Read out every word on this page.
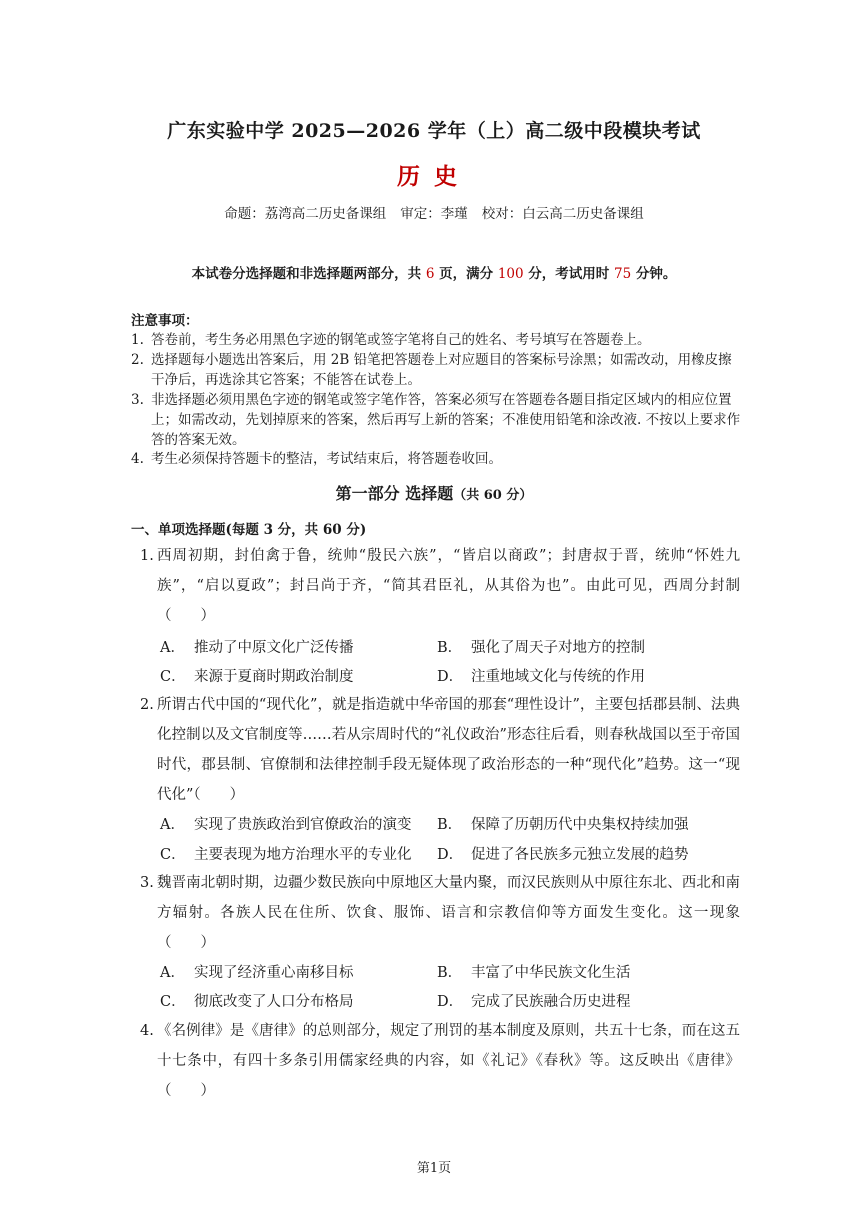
广东实验中学 2025—2026 学年（上）高二级中段模块考试
历史
命题：荔湾高二历史备课组 审定：李瑾 校对：白云高二历史备课组
本试卷分选择题和非选择题两部分，共 6 页，满分 100 分，考试用时 75 分钟。
注意事项：
1. 答卷前，考生务必用黑色字迹的钢笔或签字笔将自己的姓名、考号填写在答题卷上。
2. 选择题每小题选出答案后，用 2B 铅笔把答题卷上对应题目的答案标号涂黑；如需改动，用橡皮擦干净后，再选涂其它答案；不能答在试卷上。
3. 非选择题必须用黑色字迹的钢笔或签字笔作答，答案必须写在答题卷各题目指定区域内的相应位置上；如需改动，先划掉原来的答案，然后再写上新的答案；不准使用铅笔和涂改液. 不按以上要求作答的答案无效。
4. 考生必须保持答题卡的整洁，考试结束后，将答题卷收回。
第一部分 选择题（共 60 分）
一、单项选择题(每题 3 分，共 60 分)
1. 西周初期，封伯禽于鲁，统帅“殷民六族”，“皆启以商政”；封唐叔于晋，统帅“怀姓九族”，“启以夏政”；封吕尚于齐，“简其君臣礼，从其俗为也”。由此可见，西周分封制（　　）
A． 推动了中原文化广泛传播	B． 强化了周天子对地方的控制
C． 来源于夏商时期政治制度	D． 注重地域文化与传统的作用
2. 所谓古代中国的“现代化”，就是指造就中华帝国的那套“理性设计”，主要包括郡县制、法典化控制以及文官制度等……若从宗周时代的“礼仪政治”形态往后看，则春秋战国以至于帝国时代，郡县制、官僚制和法律控制手段无疑体现了政治形态的一种“现代化”趋势。这一“现代化”（　　）
A． 实现了贵族政治到官僚政治的演变 B． 保障了历朝历代中央集权持续加强
C． 主要表现为地方治理水平的专业化 D． 促进了各民族多元独立发展的趋势
3. 魏晋南北朝时期，边疆少数民族向中原地区大量内聚，而汉民族则从中原往东北、西北和南方辐射。各族人民在住所、饮食、服饰、语言和宗教信仰等方面发生变化。这一现象（　　）
A． 实现了经济重心南移目标	B． 丰富了中华民族文化生活
C． 彻底改变了人口分布格局	D． 完成了民族融合历史进程
4. 《名例律》是《唐律》的总则部分，规定了刑罚的基本制度及原则，共五十七条，而在这五十七条中，有四十多条引用儒家经典的内容，如《礼记》《春秋》等。这反映出《唐律》（　　）
第1页
